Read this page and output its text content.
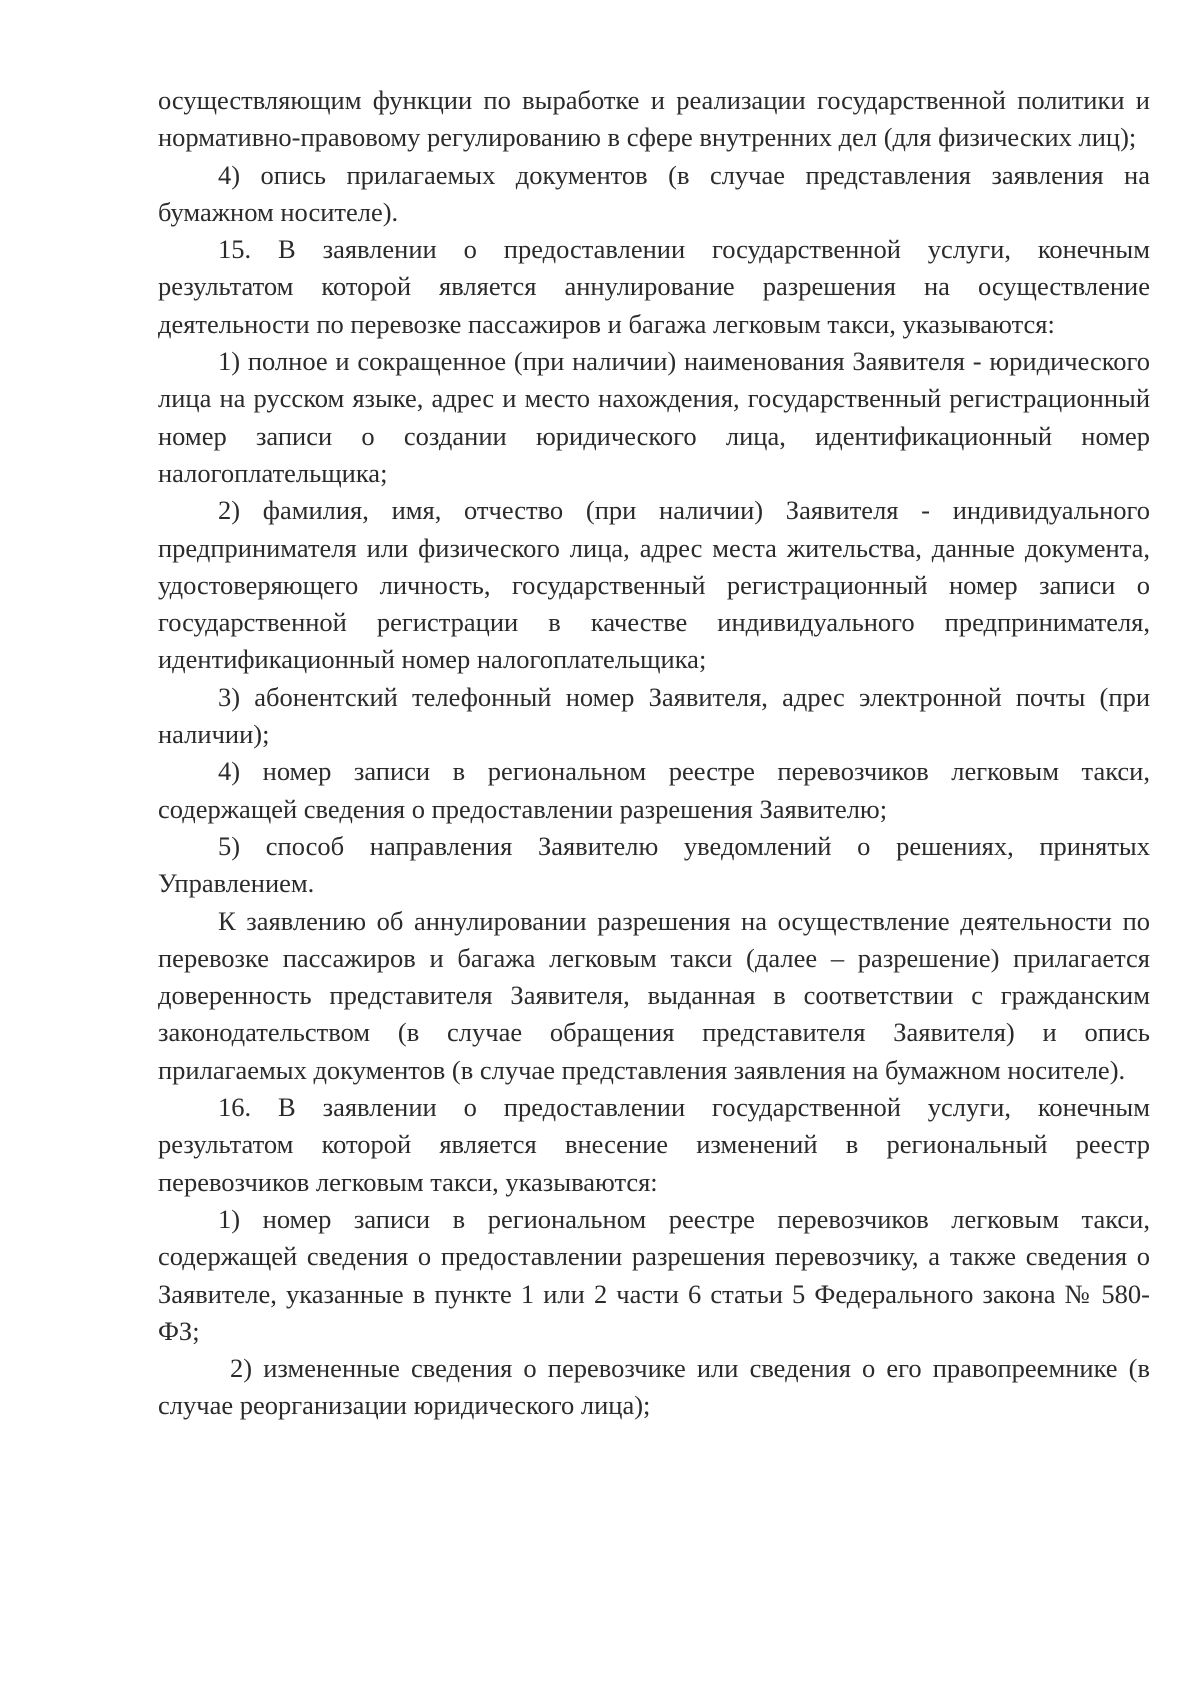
осуществляющим функции по выработке и реализации государственной политики и нормативно-правовому регулированию в сфере внутренних дел (для физических лиц);

4) опись прилагаемых документов (в случае представления заявления на бумажном носителе).

15. В заявлении о предоставлении государственной услуги, конечным результатом которой является аннулирование разрешения на осуществление деятельности по перевозке пассажиров и багажа легковым такси, указываются:

1) полное и сокращенное (при наличии) наименования Заявителя - юридического лица на русском языке, адрес и место нахождения, государственный регистрационный номер записи о создании юридического лица, идентификационный номер налогоплательщика;

2) фамилия, имя, отчество (при наличии) Заявителя - индивидуального предпринимателя или физического лица, адрес места жительства, данные документа, удостоверяющего личность, государственный регистрационный номер записи о государственной регистрации в качестве индивидуального предпринимателя, идентификационный номер налогоплательщика;

3) абонентский телефонный номер Заявителя, адрес электронной почты (при наличии);

4) номер записи в региональном реестре перевозчиков легковым такси, содержащей сведения о предоставлении разрешения Заявителю;

5) способ направления Заявителю уведомлений о решениях, принятых Управлением.

К заявлению об аннулировании разрешения на осуществление деятельности по перевозке пассажиров и багажа легковым такси (далее – разрешение) прилагается доверенность представителя Заявителя, выданная в соответствии с гражданским законодательством (в случае обращения представителя Заявителя) и опись прилагаемых документов (в случае представления заявления на бумажном носителе).

16. В заявлении о предоставлении государственной услуги, конечным результатом которой является внесение изменений в региональный реестр перевозчиков легковым такси, указываются:

1) номер записи в региональном реестре перевозчиков легковым такси, содержащей сведения о предоставлении разрешения перевозчику, а также сведения о Заявителе, указанные в пункте 1 или 2 части 6 статьи 5 Федерального закона № 580-ФЗ;

2) измененные сведения о перевозчике или сведения о его правопреемнике (в случае реорганизации юридического лица);
